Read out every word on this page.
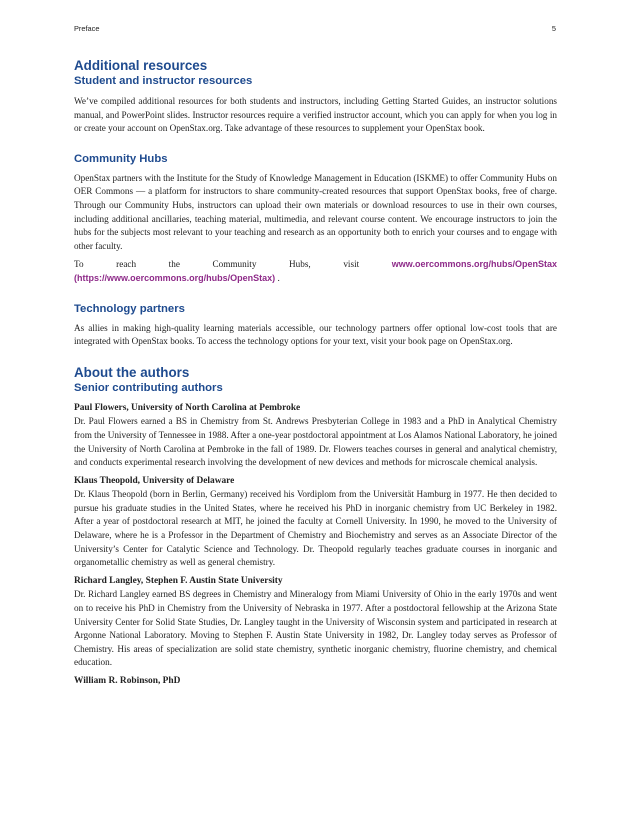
Preface	5
Additional resources
Student and instructor resources

We’ve compiled additional resources for both students and instructors, including Getting Started Guides, an instructor solutions manual, and PowerPoint slides. Instructor resources require a verified instructor account, which you can apply for when you log in or create your account on OpenStax.org. Take advantage of these resources to supplement your OpenStax book.

Community Hubs

OpenStax partners with the Institute for the Study of Knowledge Management in Education (ISKME) to offer Community Hubs on OER Commons — a platform for instructors to share community-created resources that support OpenStax books, free of charge. Through our Community Hubs, instructors can upload their own materials or download resources to use in their own courses, including additional ancillaries, teaching material, multimedia, and relevant course content. We encourage instructors to join the hubs for the subjects most relevant to your teaching and research as an opportunity both to enrich your courses and to engage with other faculty.

To reach the Community Hubs, visit	www.oercommons.org/hubs/OpenStax

(https://www.oercommons.org/hubs/OpenStax) .

Technology partners

As allies in making high-quality learning materials accessible, our technology partners offer optional low-cost tools that are integrated with OpenStax books. To access the technology options for your text, visit your book page on OpenStax.org.

About the authors
Senior contributing authors
Paul Flowers, University of North Carolina at Pembroke

Dr. Paul Flowers earned a BS in Chemistry from St. Andrews Presbyterian College in 1983 and a PhD in Analytical Chemistry from the University of Tennessee in 1988. After a one-year postdoctoral appointment at Los Alamos National Laboratory, he joined the University of North Carolina at Pembroke in the fall of 1989. Dr. Flowers teaches courses in general and analytical chemistry, and conducts experimental research involving the development of new devices and methods for microscale chemical analysis.

Klaus Theopold, University of Delaware

Dr. Klaus Theopold (born in Berlin, Germany) received his Vordiplom from the Universität Hamburg in 1977. He then decided to pursue his graduate studies in the United States, where he received his PhD in inorganic chemistry from UC Berkeley in 1982. After a year of postdoctoral research at MIT, he joined the faculty at Cornell University. In 1990, he moved to the University of Delaware, where he is a Professor in the Department of Chemistry and Biochemistry and serves as an Associate Director of the University’s Center for Catalytic Science and Technology. Dr. Theopold regularly teaches graduate courses in inorganic and organometallic chemistry as well as general chemistry.

Richard Langley, Stephen F. Austin State University

Dr. Richard Langley earned BS degrees in Chemistry and Mineralogy from Miami University of Ohio in the early 1970s and went on to receive his PhD in Chemistry from the University of Nebraska in 1977. After a postdoctoral fellowship at the Arizona State University Center for Solid State Studies, Dr. Langley taught in the University of Wisconsin system and participated in research at Argonne National Laboratory. Moving to Stephen F. Austin State University in 1982, Dr. Langley today serves as Professor of Chemistry. His areas of specialization are solid state chemistry, synthetic inorganic chemistry, fluorine chemistry, and chemical education.

William R. Robinson, PhD
